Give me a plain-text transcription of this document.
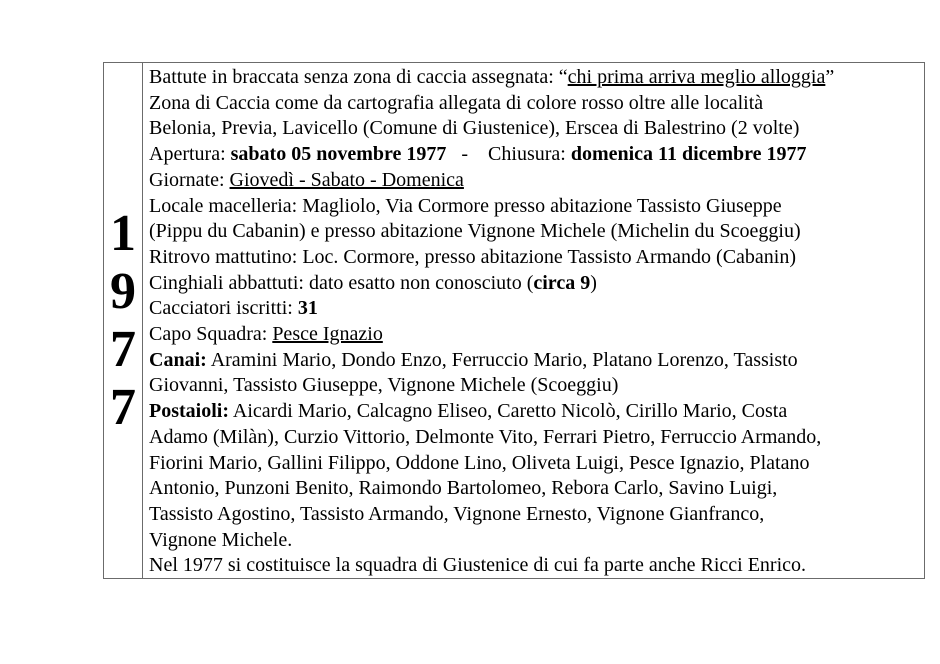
1
9
7
7
Battute in braccata senza zona di caccia assegnata: “chi prima arriva meglio alloggia”
Zona di Caccia come da cartografia allegata di colore rosso oltre alle località
Belonia, Previa, Lavicello (Comune di Giustenice), Erscea di Balestrino (2 volte)
Apertura: sabato 05 novembre 1977   -    Chiusura: domenica 11 dicembre 1977
Giornate: Giovedì - Sabato - Domenica
Locale macelleria: Magliolo, Via Cormore presso abitazione Tassisto Giuseppe
(Pippu du Cabanin) e presso abitazione Vignone Michele (Michelin du Scoeggiu)
Ritrovo mattutino: Loc. Cormore, presso abitazione Tassisto Armando (Cabanin)
Cinghiali abbattuti: dato esatto non conosciuto (circa 9)
Cacciatori iscritti: 31
Capo Squadra: Pesce Ignazio
Canai: Aramini Mario, Dondo Enzo, Ferruccio Mario, Platano Lorenzo, Tassisto
Giovanni, Tassisto Giuseppe, Vignone Michele (Scoeggiu)
Postaioli: Aicardi Mario, Calcagno Eliseo, Caretto Nicolò, Cirillo Mario, Costa
Adamo (Milàn), Curzio Vittorio, Delmonte Vito, Ferrari Pietro, Ferruccio Armando,
Fiorini Mario, Gallini Filippo, Oddone Lino, Oliveta Luigi, Pesce Ignazio, Platano
Antonio, Punzoni Benito, Raimondo Bartolomeo, Rebora Carlo, Savino Luigi,
Tassisto Agostino, Tassisto Armando, Vignone Ernesto, Vignone Gianfranco,
Vignone Michele.
Nel 1977 si costituisce la squadra di Giustenice di cui fa parte anche Ricci Enrico.
